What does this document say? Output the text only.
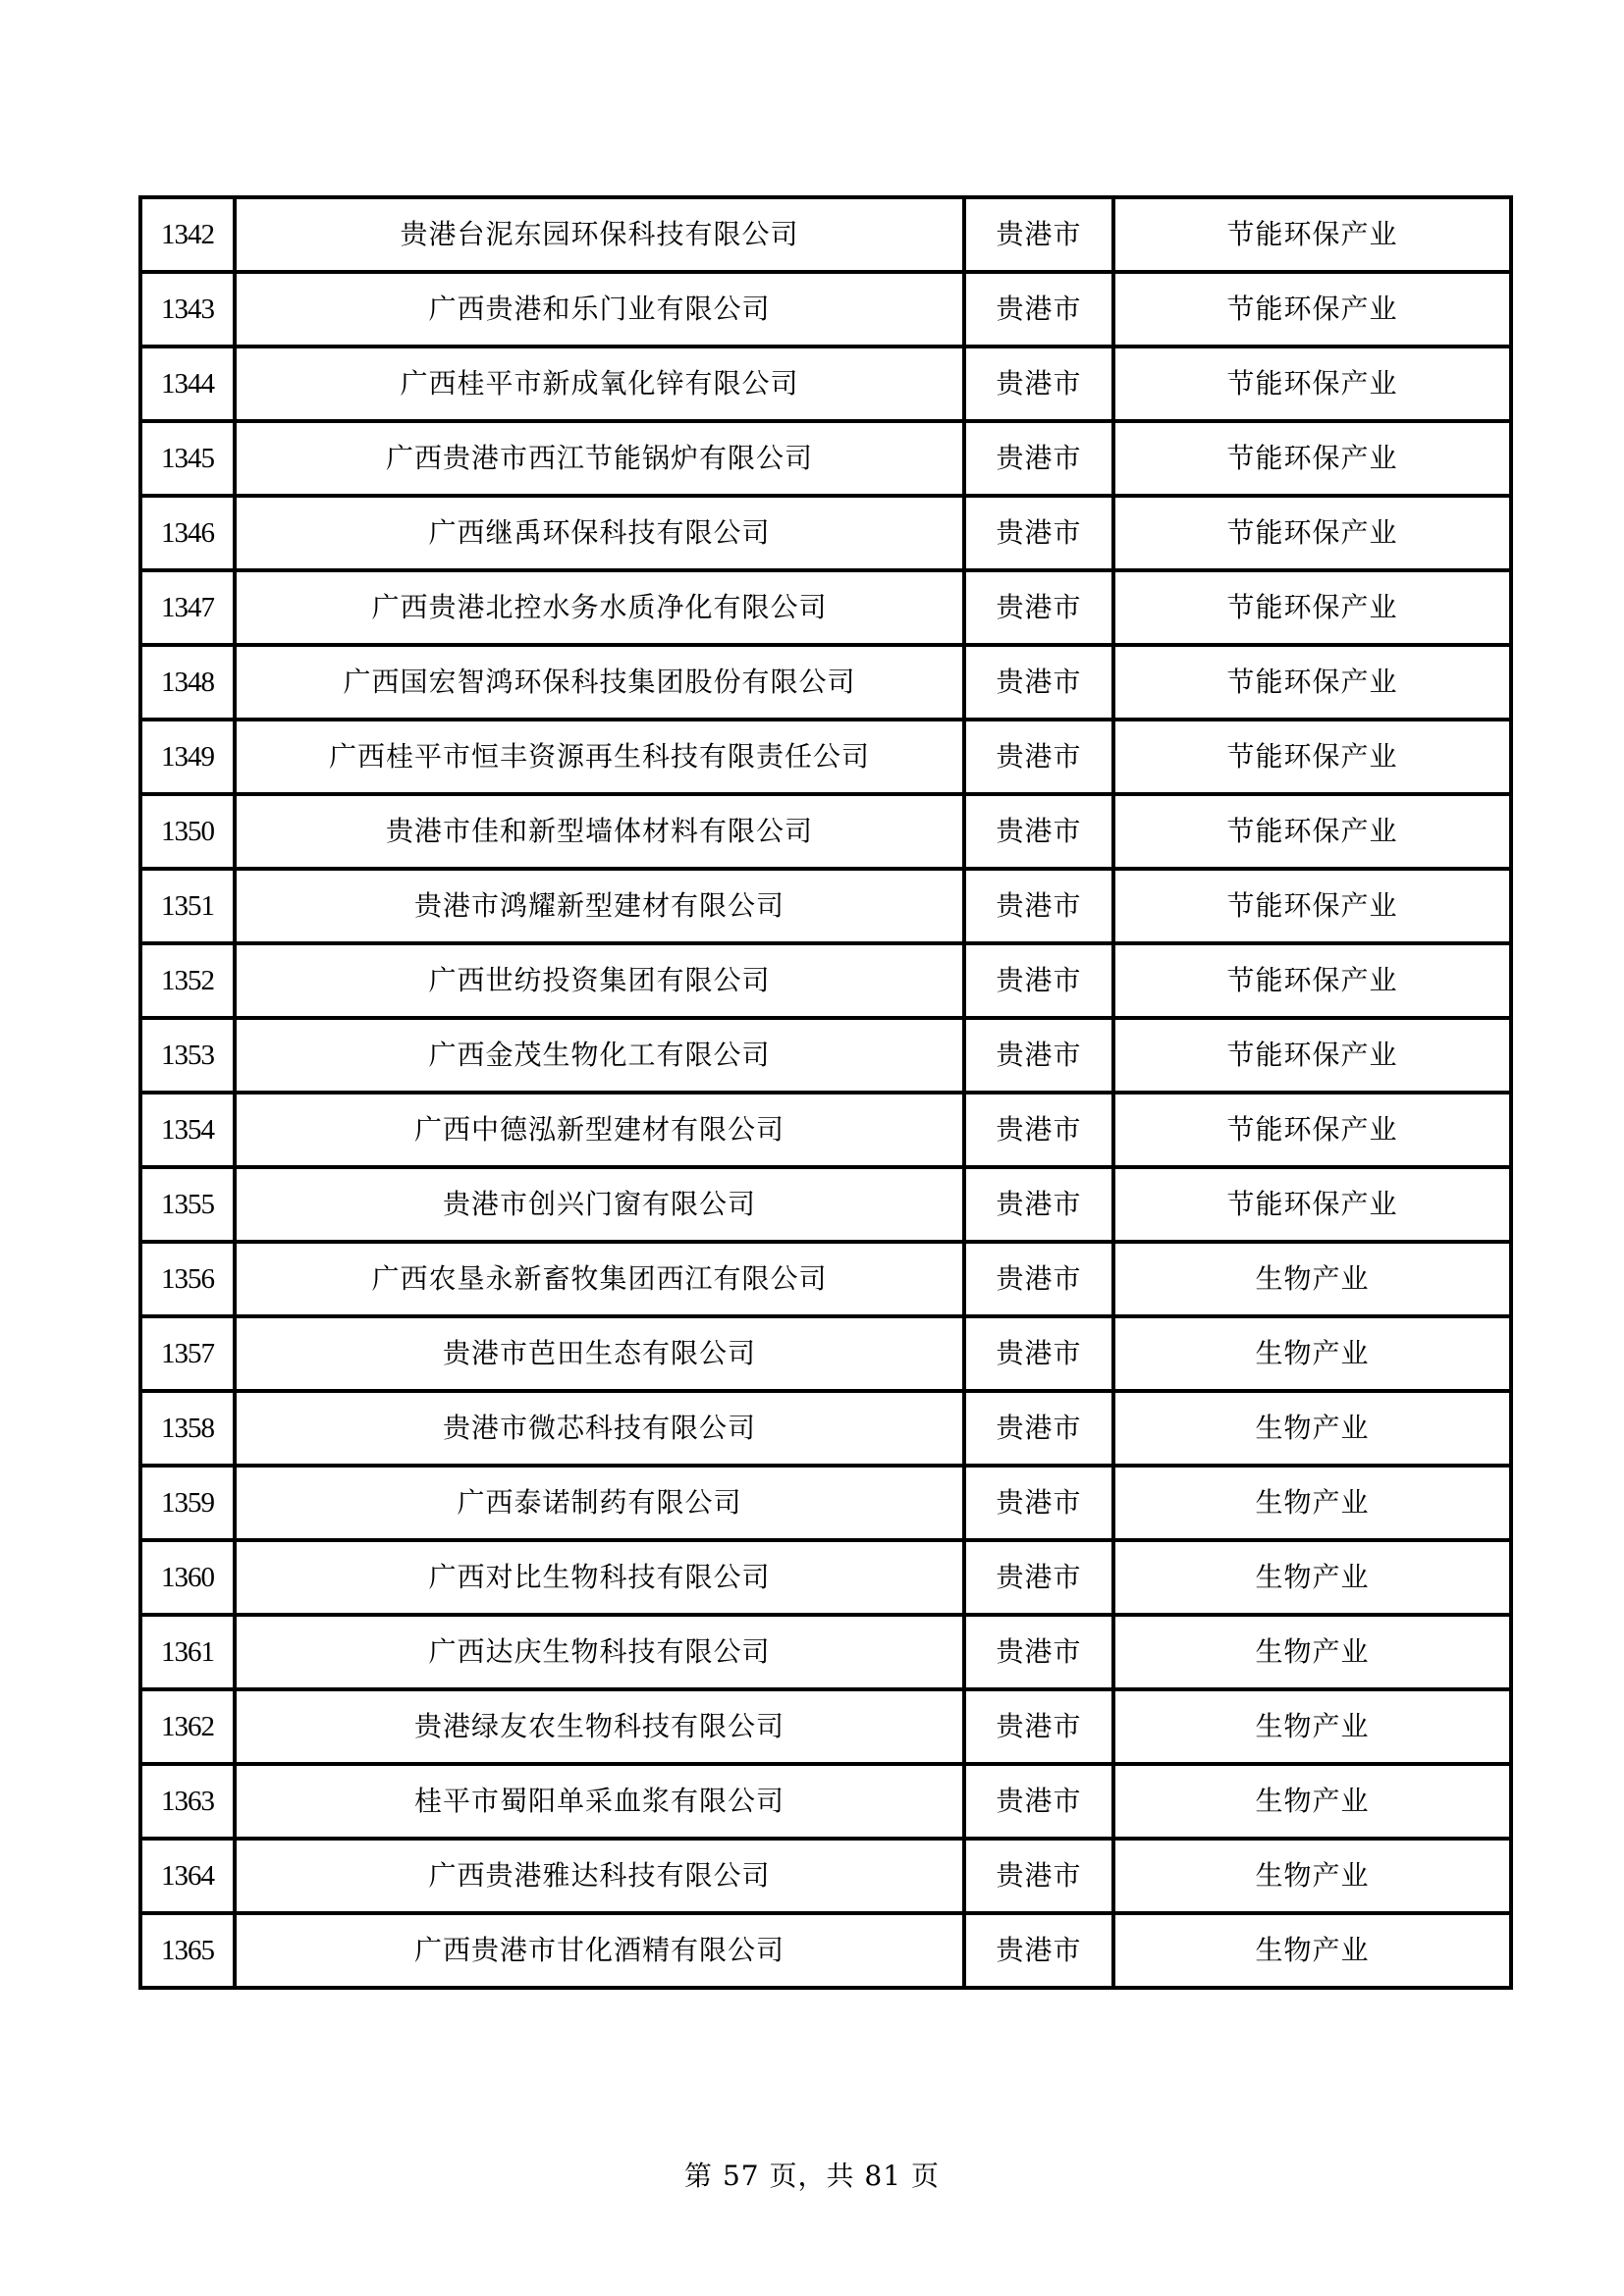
1342	贵港台泥东园环保科技有限公司	贵港市	节能环保产业
1343	广西贵港和乐门业有限公司	贵港市	节能环保产业
1344	广西桂平市新成氧化锌有限公司	贵港市	节能环保产业
1345	广西贵港市西江节能锅炉有限公司	贵港市	节能环保产业
1346	广西继禹环保科技有限公司	贵港市	节能环保产业
1347	广西贵港北控水务水质净化有限公司	贵港市	节能环保产业
1348	广西国宏智鸿环保科技集团股份有限公司	贵港市	节能环保产业
1349	广西桂平市恒丰资源再生科技有限责任公司	贵港市	节能环保产业
1350	贵港市佳和新型墙体材料有限公司	贵港市	节能环保产业
1351	贵港市鸿耀新型建材有限公司	贵港市	节能环保产业
1352	广西世纺投资集团有限公司	贵港市	节能环保产业
1353	广西金茂生物化工有限公司	贵港市	节能环保产业
1354	广西中德泓新型建材有限公司	贵港市	节能环保产业
1355	贵港市创兴门窗有限公司	贵港市	节能环保产业
1356	广西农垦永新畜牧集团西江有限公司	贵港市	生物产业
1357	贵港市芭田生态有限公司	贵港市	生物产业
1358	贵港市微芯科技有限公司	贵港市	生物产业
1359	广西泰诺制药有限公司	贵港市	生物产业
1360	广西对比生物科技有限公司	贵港市	生物产业
1361	广西达庆生物科技有限公司	贵港市	生物产业
1362	贵港绿友农生物科技有限公司	贵港市	生物产业
1363	桂平市蜀阳单采血浆有限公司	贵港市	生物产业
1364	广西贵港雅达科技有限公司	贵港市	生物产业
1365	广西贵港市甘化酒精有限公司	贵港市	生物产业
第 57 页，共 81 页
